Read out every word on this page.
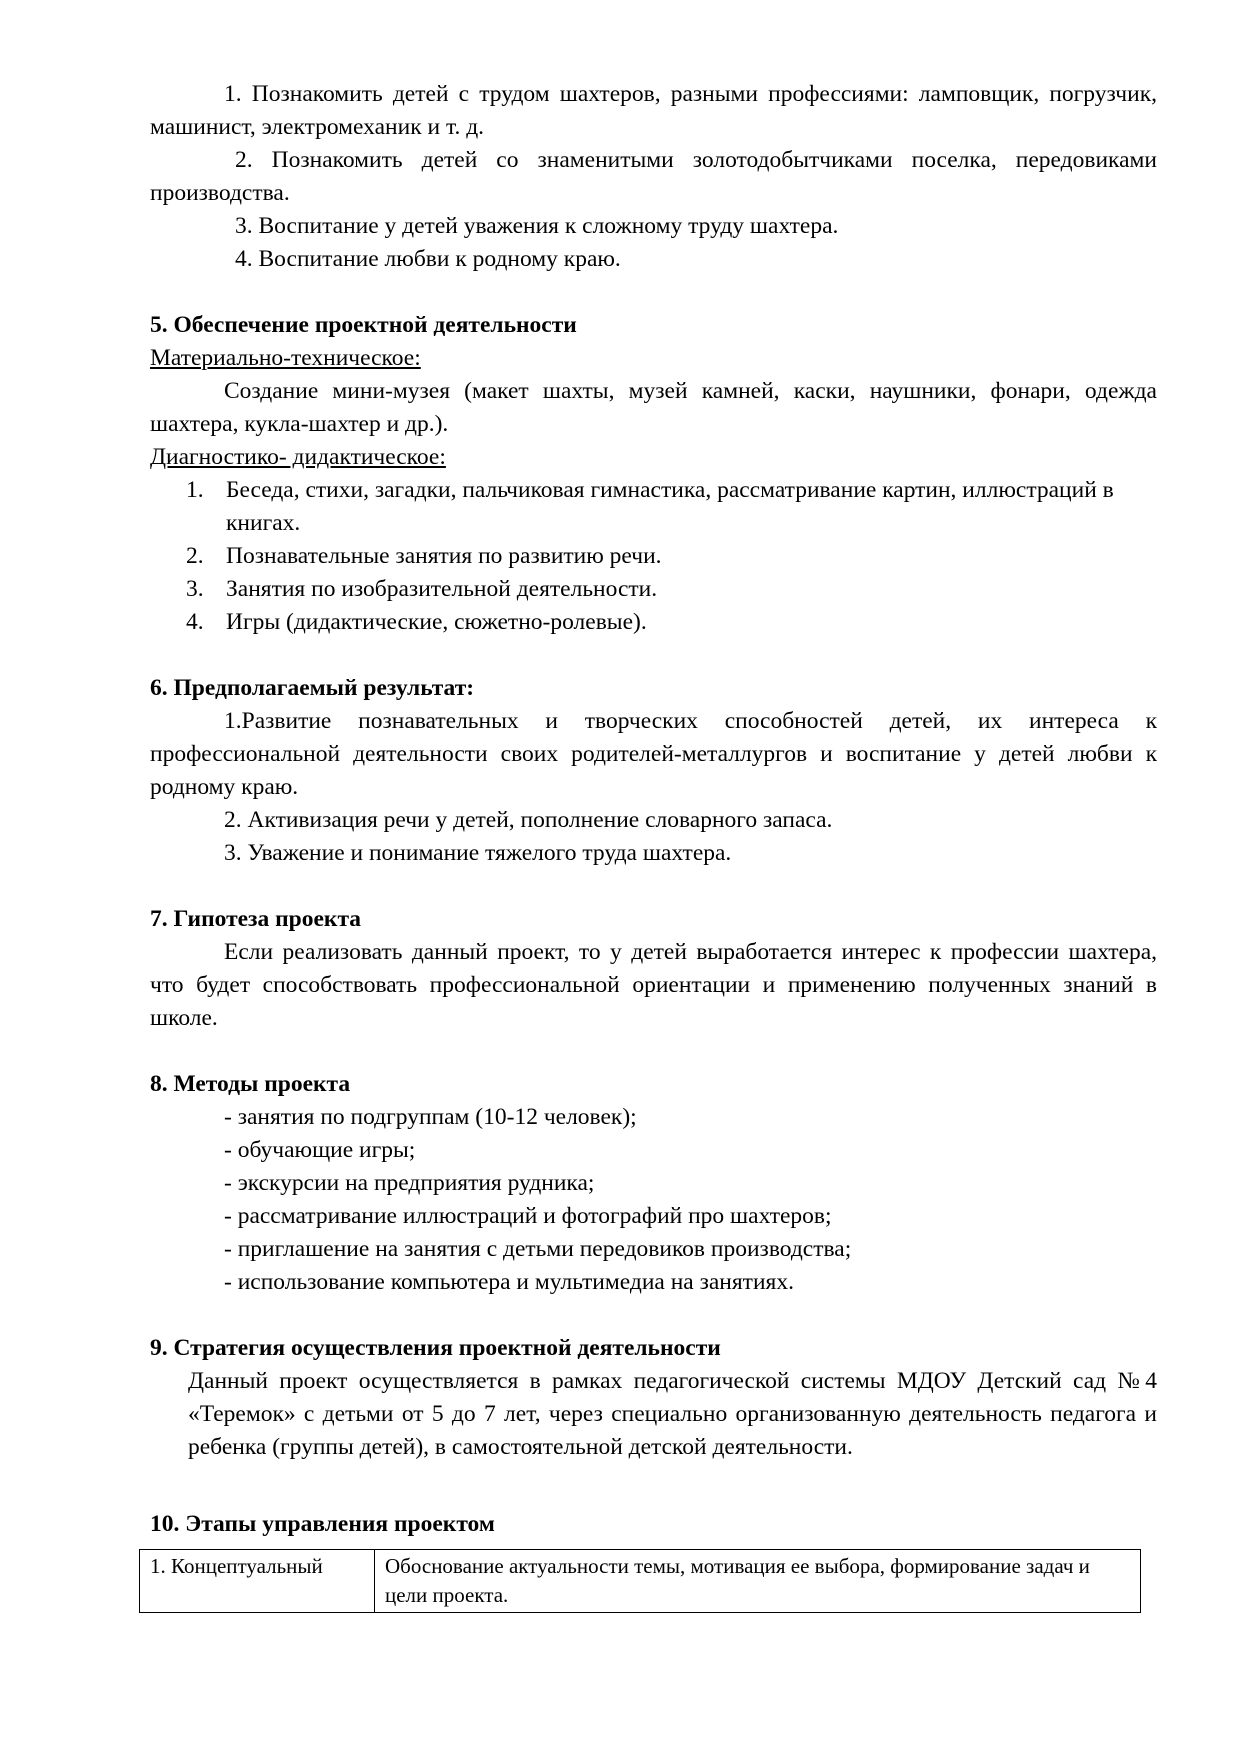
1. Познакомить детей с трудом шахтеров, разными профессиями: ламповщик, погрузчик, машинист, электромеханик и т. д.

2. Познакомить детей со знаменитыми золотодобытчиками поселка, передовиками производства.

3. Воспитание у детей уважения к сложному труду шахтера.

4. Воспитание любви к родному краю.

5. Обеспечение проектной деятельности

Материально-техническое:

Создание мини-музея (макет шахты, музей камней, каски, наушники, фонари, одежда шахтера, кукла-шахтер и др.).

Диагностико- дидактическое:

1. Беседа, стихи, загадки, пальчиковая гимнастика, рассматривание картин, иллюстраций в книгах.
2. Познавательные занятия по развитию речи.
3. Занятия по изобразительной деятельности.
4. Игры (дидактические, сюжетно-ролевые).

6. Предполагаемый результат:

1.Развитие познавательных и творческих способностей детей, их интереса к профессиональной деятельности своих родителей-металлургов и воспитание у детей любви к родному краю.

2. Активизация речи у детей, пополнение словарного запаса.

3. Уважение и понимание тяжелого труда шахтера.

7. Гипотеза проекта

Если реализовать данный проект, то у детей выработается интерес к профессии шахтера, что будет способствовать профессиональной ориентации и применению полученных знаний в школе.

8. Методы проекта

- занятия по подгруппам (10-12 человек);

- обучающие игры;

- экскурсии на предприятия рудника;

- рассматривание иллюстраций и фотографий про шахтеров;

- приглашение на занятия с детьми передовиков производства;

- использование компьютера и мультимедиа на занятиях.

9. Стратегия осуществления проектной деятельности

Данный проект осуществляется в рамках педагогической системы МДОУ Детский сад №4 «Теремок» с детьми от 5 до 7 лет, через специально организованную деятельность педагога и ребенка (группы детей), в самостоятельной детской деятельности.

10. Этапы управления проектом

1. Концептуальный	Обоснование актуальности темы, мотивация ее выбора, формирование задач и цели проекта.
